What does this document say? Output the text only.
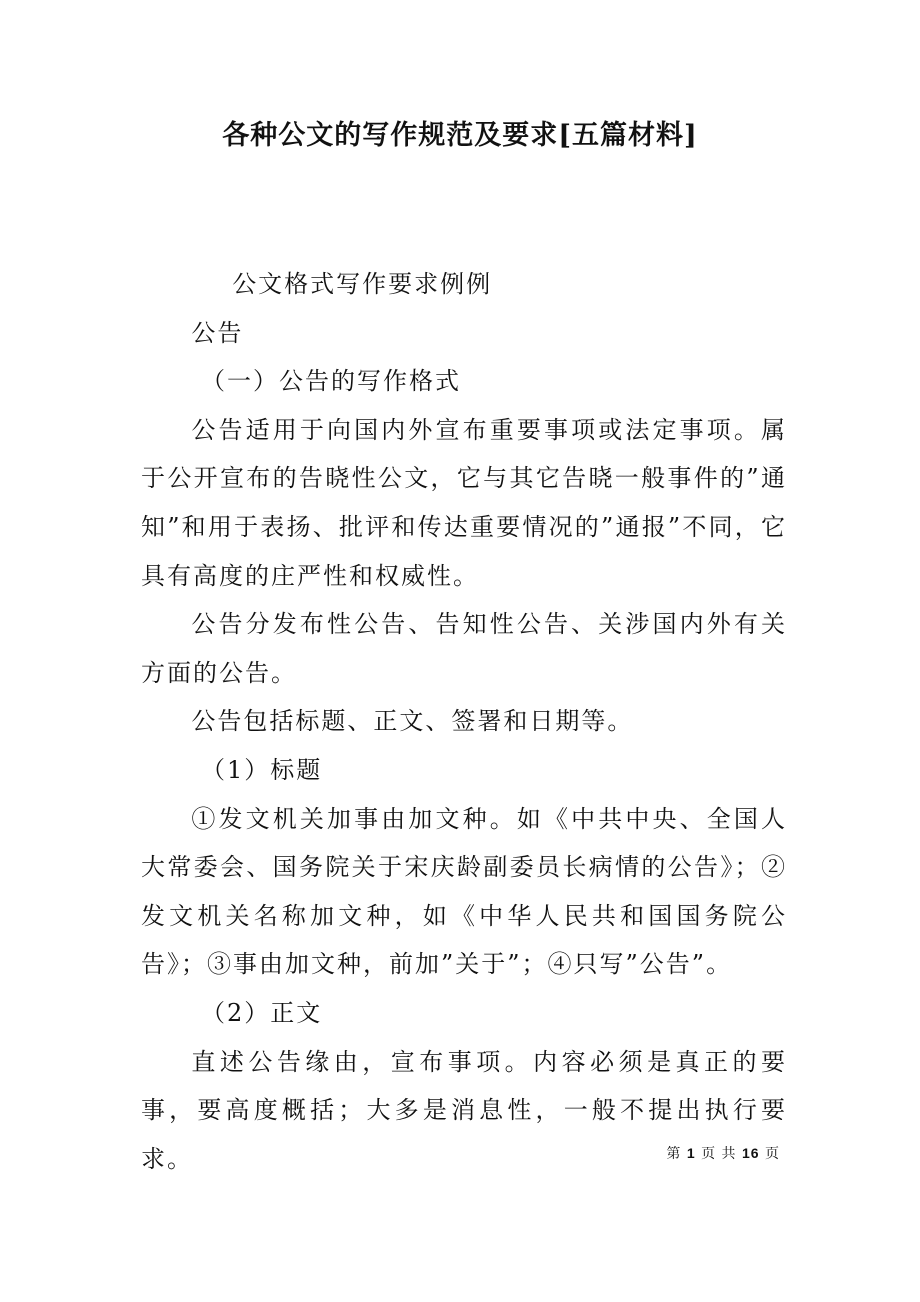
各种公文的写作规范及要求[五篇材料]

公文格式写作要求例例

公告

（一）公告的写作格式

公告适用于向国内外宣布重要事项或法定事项。属于公开宣布的告晓性公文，它与其它告晓一般事件的”通知”和用于表扬、批评和传达重要情况的”通报”不同，它具有高度的庄严性和权威性。

公告分发布性公告、告知性公告、关涉国内外有关方面的公告。

公告包括标题、正文、签署和日期等。

（1）标题

①发文机关加事由加文种。如《中共中央、全国人大常委会、国务院关于宋庆龄副委员长病情的公告》；②发文机关名称加文种，如《中华人民共和国国务院公告》；③事由加文种，前加”关于”；④只写”公告”。

（2）正文

直述公告缘由，宣布事项。内容必须是真正的要事，要高度概括；大多是消息性，一般不提出执行要求。	第 1 页 共 16 页
